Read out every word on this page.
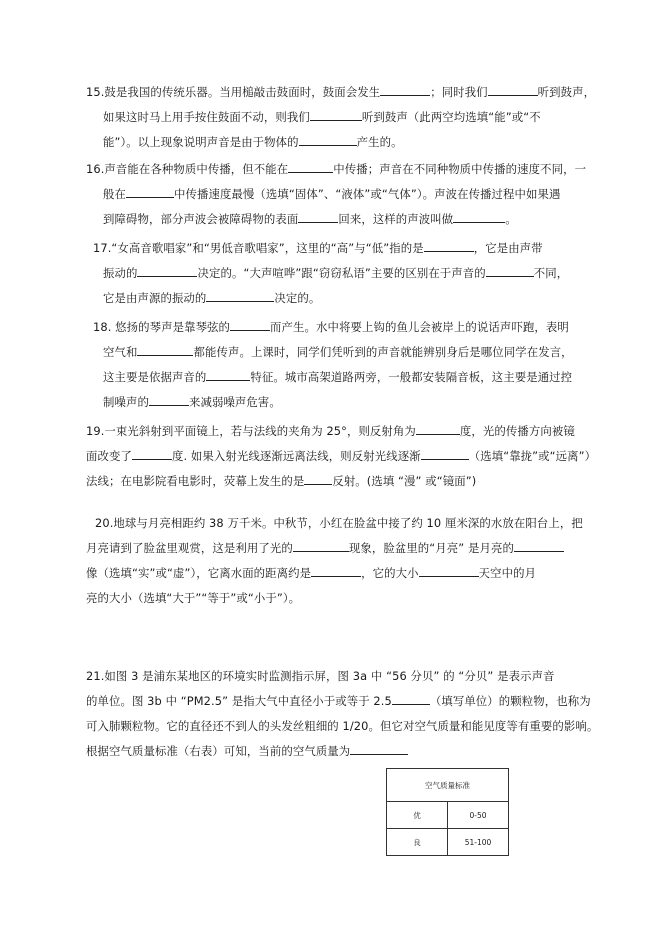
15.鼓是我国的传统乐器。当用槌敲击鼓面时，鼓面会发生	；同时我们	听到鼓声，
如果这时马上用手按住鼓面不动，则我们	听到鼓声（此两空均选填“能”或“不
能”）。以上现象说明声音是由于物体的	产生的。
16.声音能在各种物质中传播，但不能在	中传播；声音在不同种物质中传播的速度不同，一
般在	中传播速度最慢（选填“固体”、“液体”或“气体”）。声波在传播过程中如果遇
到障碍物，部分声波会被障碍物的表面	回来，这样的声波叫做	。
17.“女高音歌唱家”和“男低音歌唱家”，这里的“高”与“低”指的是	，它是由声带
振动的	决定的。“大声喧哗”跟“窃窃私语”主要的区别在于声音的	不同，
它是由声源的振动的	决定的。
18. 悠扬的琴声是靠琴弦的	而产生。水中将要上钩的鱼儿会被岸上的说话声吓跑，表明
空气和	都能传声。上课时，同学们凭听到的声音就能辨别身后是哪位同学在发言，
这主要是依据声音的	特征。城市高架道路两旁，一般都安装隔音板，这主要是通过控
制噪声的	来减弱噪声危害。
19.一束光斜射到平面镜上，若与法线的夹角为 25°，则反射角为	度，光的传播方向被镜
面改变了	度. 如果入射光线逐渐远离法线，则反射光线逐渐	（选填“靠拢”或“远离”）
法线；在电影院看电影时，荧幕上发生的是 反射。(选填 “漫” 或“镜面”)
20.地球与月亮相距约 38 万千米。中秋节，小红在脸盆中接了约 10 厘米深的水放在阳台上，把
月亮请到了脸盆里观赏，这是利用了光的	现象，脸盆里的“月亮” 是月亮的
像（选填“实”或“虚”），它离水面的距离约是	，它的大小	天空中的月
亮的大小（选填“大于”“等于”或“小于”）。
21.如图 3 是浦东某地区的环境实时监测指示屏，图 3a 中 “56 分贝” 的 “分贝” 是表示声音
的单位。图 3b 中 “PM2.5” 是指大气中直径小于或等于 2.5	（填写单位）的颗粒物，也称为
可入肺颗粒物。它的直径还不到人的头发丝粗细的 1/20。但它对空气质量和能见度等有重要的影响。
根据空气质量标准（右表）可知，当前的空气质量为
空气质量标准	
优	0-50
良	51-100
